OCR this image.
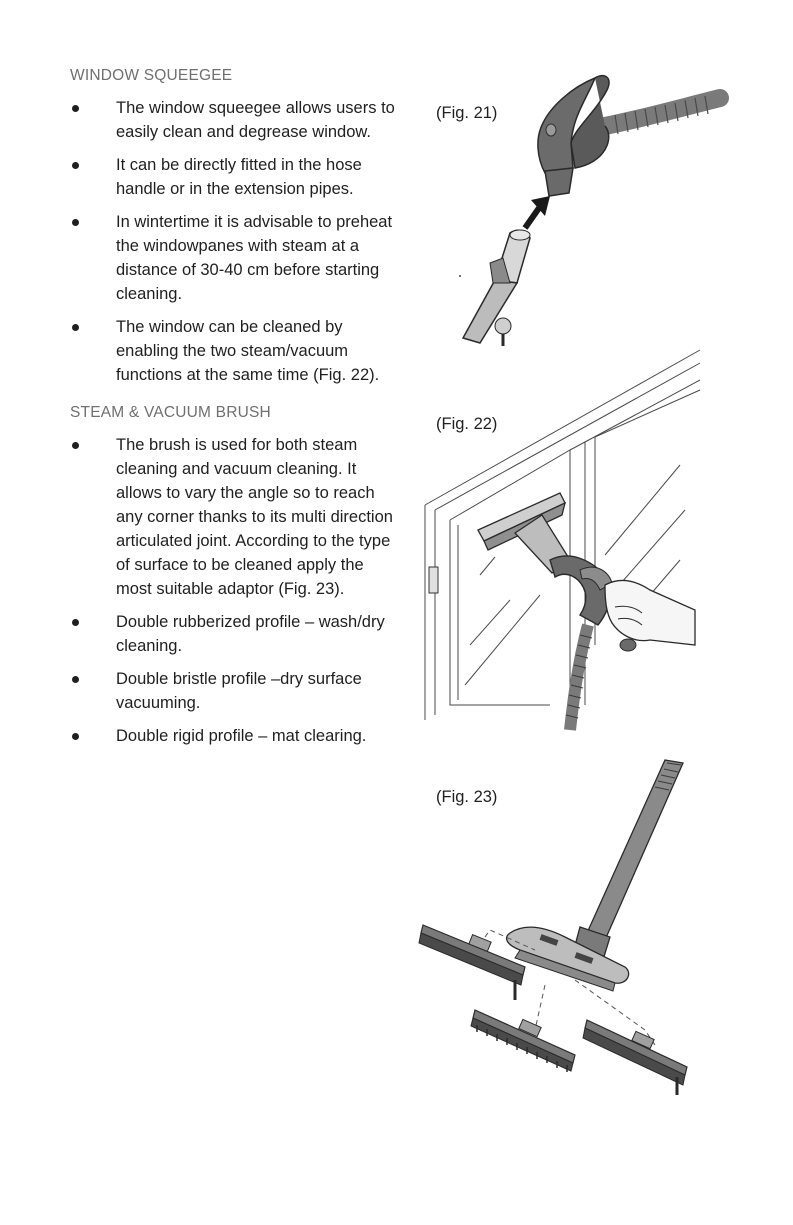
WINDOW SQUEEGEE
The window squeegee allows users to easily clean and degrease window.
It can be directly fitted in the hose handle or in the extension pipes.
In wintertime it is advisable to preheat the windowpanes with steam at a distance of 30-40 cm before starting cleaning.
The window can be cleaned by enabling the two steam/vacuum functions at the same time (Fig. 22).
STEAM & VACUUM BRUSH
The brush is used for both steam cleaning and vacuum cleaning. It allows to vary the angle so to reach any corner thanks to its multi direction articulated joint. According to the type of surface to be cleaned apply the most suitable adaptor (Fig. 23).
Double rubberized profile – wash/dry cleaning.
Double bristle profile –dry surface vacuuming.
Double rigid profile – mat clearing.
(Fig. 21)
(Fig. 22)
(Fig. 23)
